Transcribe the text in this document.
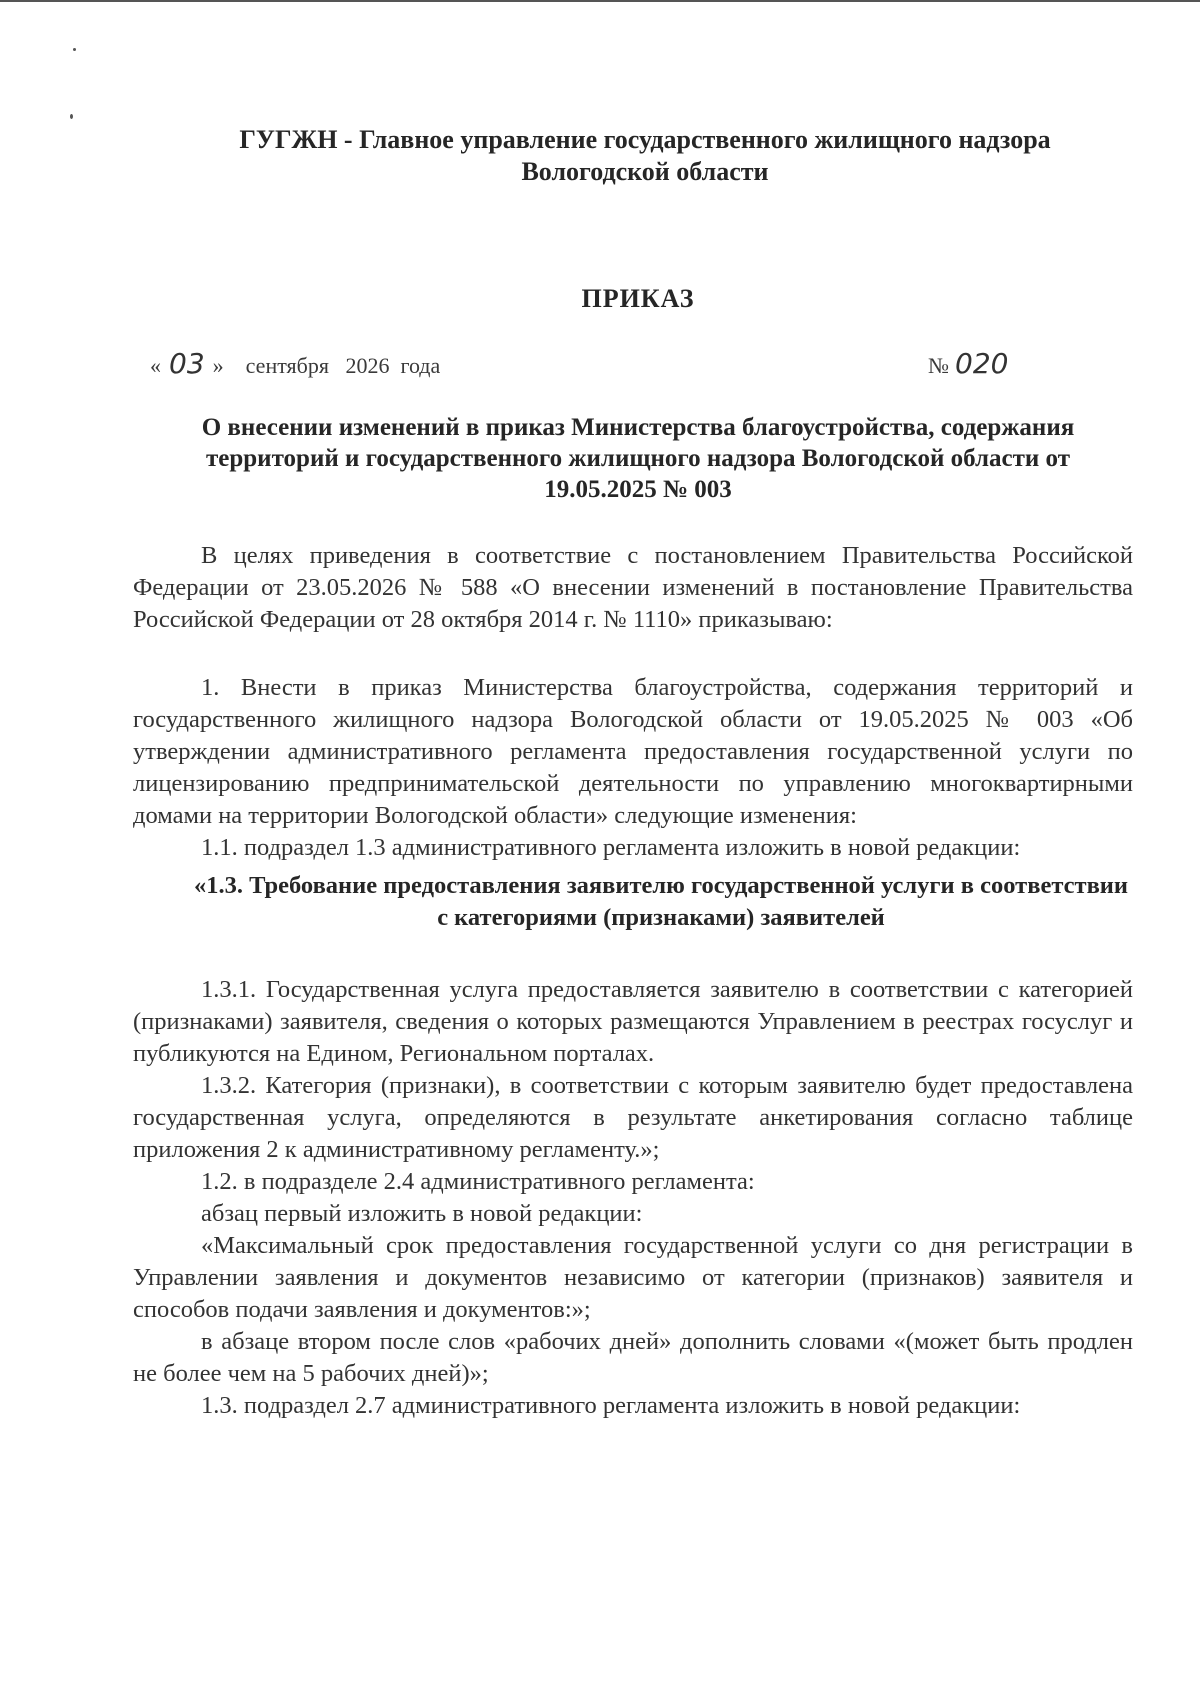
ГУГЖН - Главное управление государственного жилищного надзора
Вологодской области
ПРИКАЗ
« 03 » сентября 2026 года	№ 020
О внесении изменений в приказ Министерства благоустройства, содержания
территорий и государственного жилищного надзора Вологодской области от
19.05.2025 № 003

В целях приведения в соответствие с постановлением Правительства Российской Федерации от 23.05.2026 № 588 «О внесении изменений в постановление Правительства Российской Федерации от 28 октября 2014 г. № 1110» приказываю:

1. Внести в приказ Министерства благоустройства, содержания территорий и государственного жилищного надзора Вологодской области от 19.05.2025 № 003 «Об утверждении административного регламента предоставления государственной услуги по лицензированию предпринимательской деятельности по управлению многоквартирными домами на территории Вологодской области» следующие изменения:

1.1. подраздел 1.3 административного регламента изложить в новой редакции:

«1.3. Требование предоставления заявителю государственной услуги в соответствии с категориями (признаками) заявителей

1.3.1. Государственная услуга предоставляется заявителю в соответствии с категорией (признаками) заявителя, сведения о которых размещаются Управлением в реестрах госуслуг и публикуются на Едином, Региональном порталах.

1.3.2. Категория (признаки), в соответствии с которым заявителю будет предоставлена государственная услуга, определяются в результате анкетирования согласно таблице приложения 2 к административному регламенту.»;

1.2. в подразделе 2.4 административного регламента:

абзац первый изложить в новой редакции:

«Максимальный срок предоставления государственной услуги со дня регистрации в Управлении заявления и документов независимо от категории (признаков) заявителя и способов подачи заявления и документов:»;

в абзаце втором после слов «рабочих дней» дополнить словами «(может быть продлен не более чем на 5 рабочих дней)»;

1.3. подраздел 2.7 административного регламента изложить в новой редакции:
